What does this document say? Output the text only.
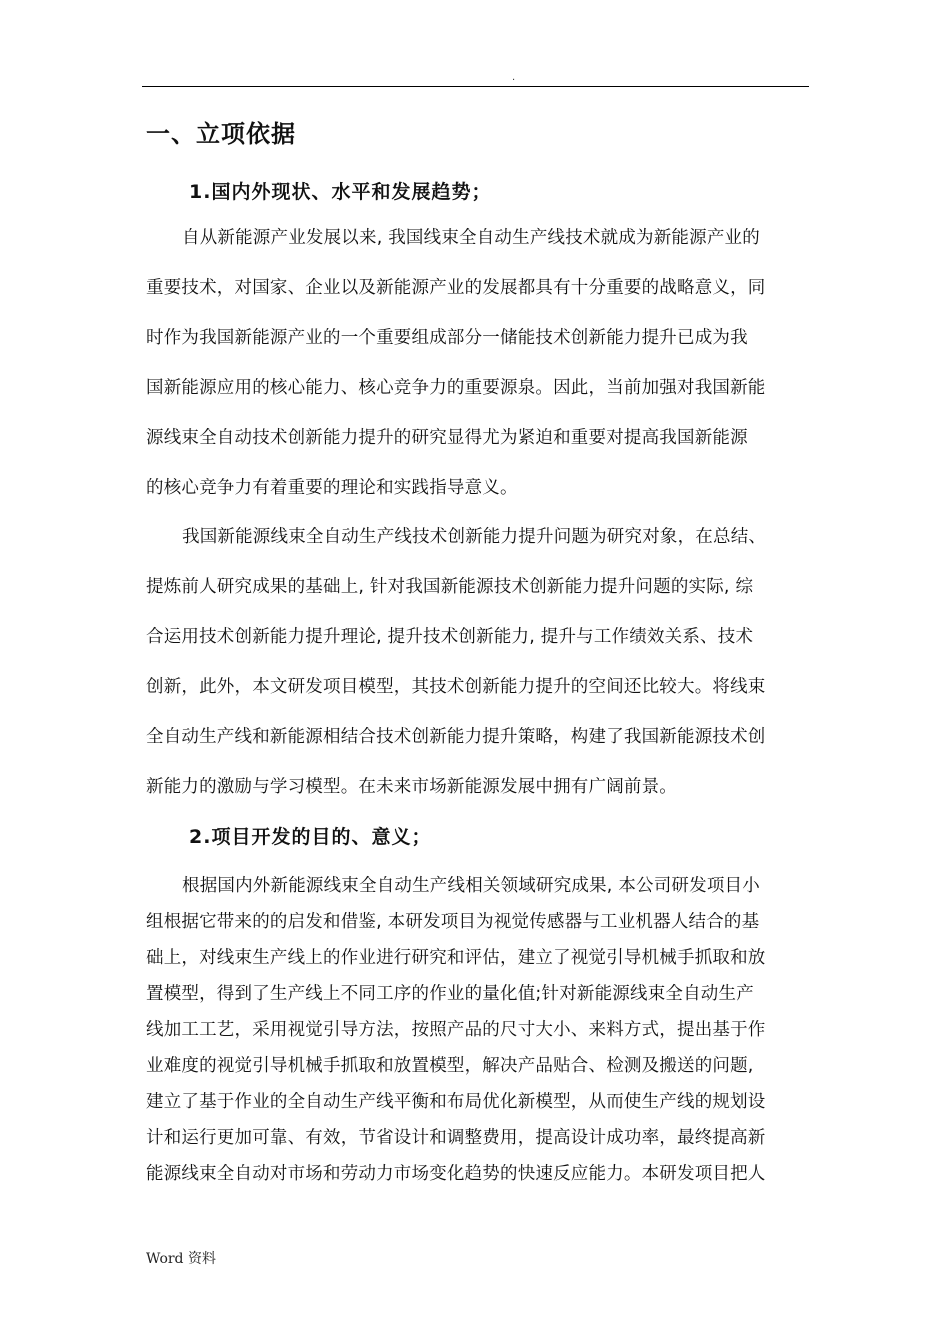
.
一、立项依据
1.国内外现状、水平和发展趋势；
自从新能源产业发展以来, 我国线束全自动生产线技术就成为新能源产业的
重要技术，对国家、企业以及新能源产业的发展都具有十分重要的战略意义，同
时作为我国新能源产业的一个重要组成部分一储能技术创新能力提升已成为我
国新能源应用的核心能力、核心竞争力的重要源泉。因此，当前加强对我国新能
源线束全自动技术创新能力提升的研究显得尤为紧迫和重要对提高我国新能源
的核心竞争力有着重要的理论和实践指导意义。
我国新能源线束全自动生产线技术创新能力提升问题为研究对象，在总结、
提炼前人研究成果的基础上, 针对我国新能源技术创新能力提升问题的实际, 综
合运用技术创新能力提升理论, 提升技术创新能力, 提升与工作绩效关系、技术
创新，此外，本文研发项目模型，其技术创新能力提升的空间还比较大。将线束
全自动生产线和新能源相结合技术创新能力提升策略，构建了我国新能源技术创
新能力的激励与学习模型。在未来市场新能源发展中拥有广阔前景。
2.项目开发的目的、意义；
根据国内外新能源线束全自动生产线相关领域研究成果, 本公司研发项目小
组根据它带来的的启发和借鉴, 本研发项目为视觉传感器与工业机器人结合的基
础上，对线束生产线上的作业进行研究和评估，建立了视觉引导机械手抓取和放
置模型，得到了生产线上不同工序的作业的量化值;针对新能源线束全自动生产
线加工工艺，采用视觉引导方法，按照产品的尺寸大小、来料方式，提出基于作
业难度的视觉引导机械手抓取和放置模型，解决产品贴合、检测及搬送的问题,
建立了基于作业的全自动生产线平衡和布局优化新模型，从而使生产线的规划设
计和运行更加可靠、有效，节省设计和调整费用，提高设计成功率，最终提高新
能源线束全自动对市场和劳动力市场变化趋势的快速反应能力。本研发项目把人
Word 资料
